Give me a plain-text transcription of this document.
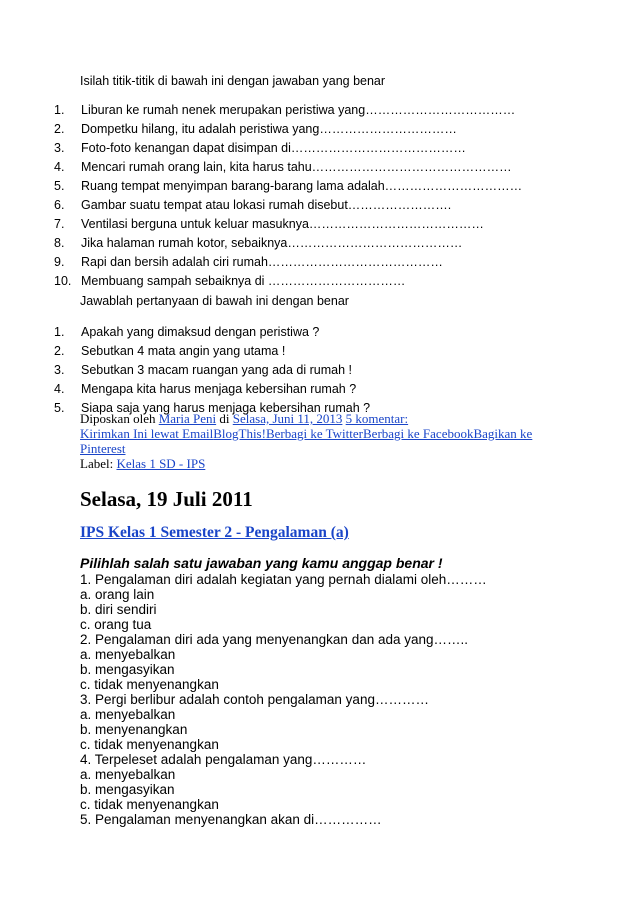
Isilah titik-titik di bawah ini dengan jawaban yang benar
1.	Liburan ke rumah nenek merupakan peristiwa yang………………………………
2.	Dompetku hilang, itu adalah peristiwa yang……………………………
3.	Foto-foto kenangan dapat disimpan di……………………………………
4.	Mencari rumah orang lain, kita harus tahu…………………………………………
5.	Ruang tempat menyimpan barang-barang lama adalah……………………………
6.	Gambar suatu tempat atau lokasi rumah disebut…………………….
7.	Ventilasi berguna untuk keluar masuknya……………………………………
8.	Jika halaman rumah kotor, sebaiknya……………………………………
9.	Rapi dan bersih adalah ciri rumah……………………………………
10. Membuang sampah sebaiknya di ……………………………
Jawablah pertanyaan di bawah ini dengan benar
1.	Apakah yang dimaksud dengan peristiwa ?
2.	Sebutkan 4 mata angin yang utama !
3.	Sebutkan 3 macam ruangan yang ada di rumah !
4.	Mengapa kita harus menjaga kebersihan rumah ?
5.	Siapa saja yang harus menjaga kebersihan rumah ?
Diposkan oleh Maria Peni di Selasa, Juni 11, 2013 5 komentar:
Kirimkan Ini lewat EmailBlogThis!Berbagi ke TwitterBerbagi ke FacebookBagikan ke
Pinterest
Label: Kelas 1 SD - IPS
Selasa, 19 Juli 2011
IPS Kelas 1 Semester 2 - Pengalaman (a)
Pilihlah salah satu jawaban yang kamu anggap benar !
1. Pengalaman diri adalah kegiatan yang pernah dialami oleh………
a. orang lain
b. diri sendiri
c. orang tua
2. Pengalaman diri ada yang menyenangkan dan ada yang……..
a. menyebalkan
b. mengasyikan
c. tidak menyenangkan
3. Pergi berlibur adalah contoh pengalaman yang…………
a. menyebalkan
b. menyenangkan
c. tidak menyenangkan
4. Terpeleset adalah pengalaman yang…………
a. menyebalkan
b. mengasyikan
c. tidak menyenangkan
5. Pengalaman menyenangkan akan di……………
